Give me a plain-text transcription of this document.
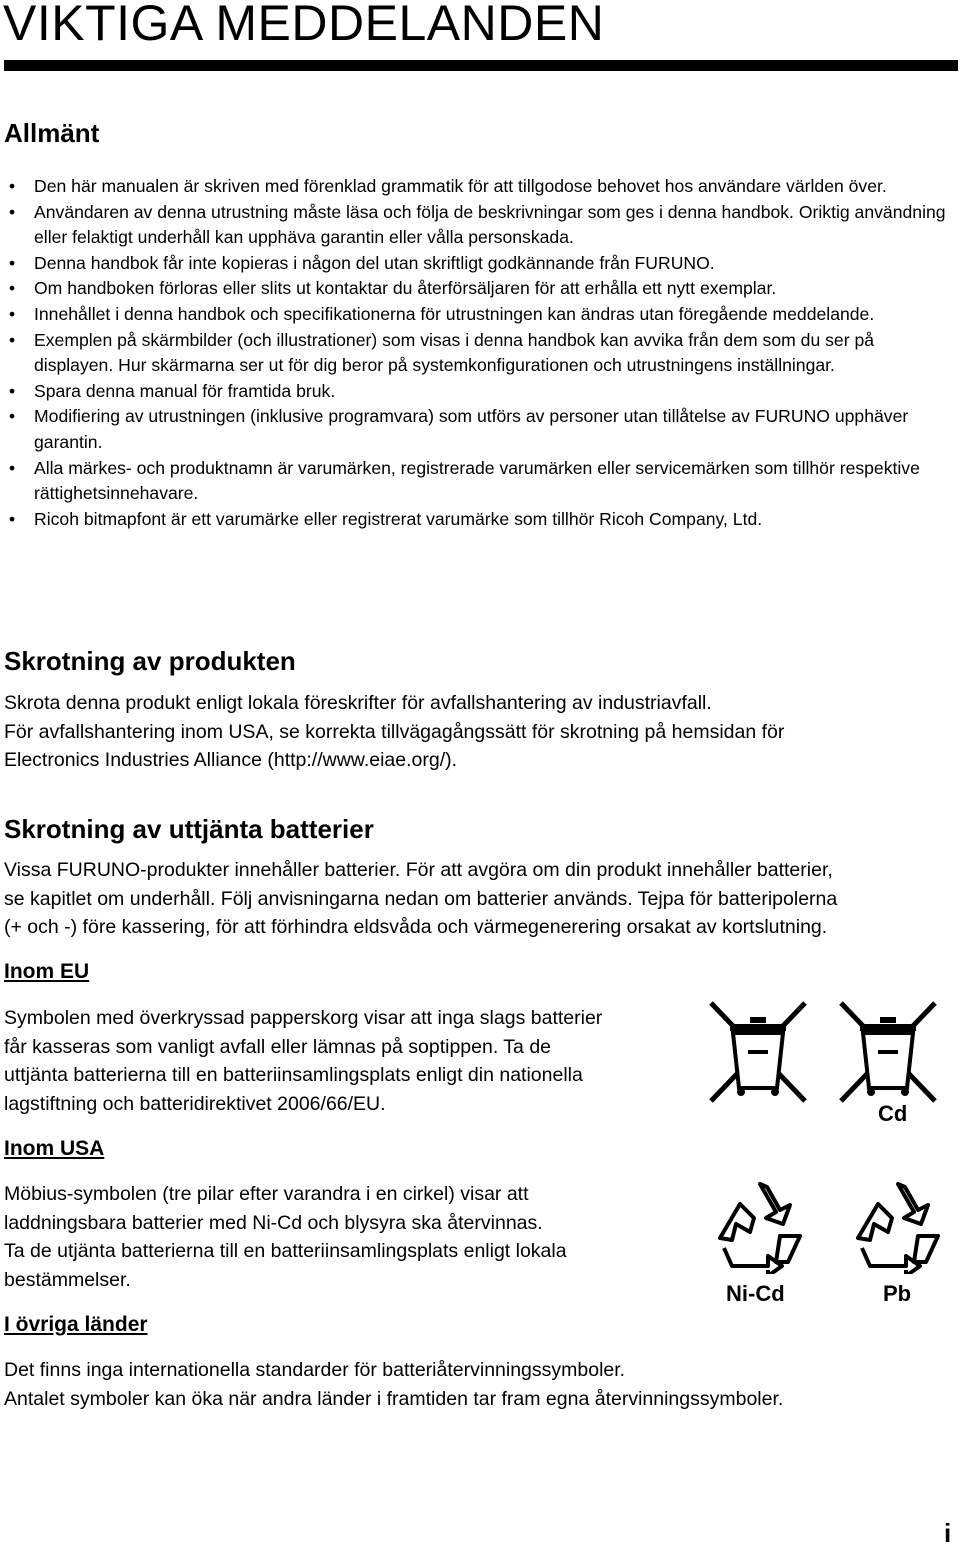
VIKTIGA MEDDELANDEN
Allmänt
• Den här manualen är skriven med förenklad grammatik för att tillgodose behovet hos användare världen över.
• Användaren av denna utrustning måste läsa och följa de beskrivningar som ges i denna handbok. Oriktig användning eller felaktigt underhåll kan upphäva garantin eller vålla personskada.
• Denna handbok får inte kopieras i någon del utan skriftligt godkännande från FURUNO.
• Om handboken förloras eller slits ut kontaktar du återförsäljaren för att erhålla ett nytt exemplar.
• Innehållet i denna handbok och specifikationerna för utrustningen kan ändras utan föregående meddelande.
• Exemplen på skärmbilder (och illustrationer) som visas i denna handbok kan avvika från dem som du ser på displayen. Hur skärmarna ser ut för dig beror på systemkonfigurationen och utrustningens inställningar.
• Spara denna manual för framtida bruk.
• Modifiering av utrustningen (inklusive programvara) som utförs av personer utan tillåtelse av FURUNO upphäver garantin.
• Alla märkes- och produktnamn är varumärken, registrerade varumärken eller servicemärken som tillhör respektive rättighetsinnehavare.
• Ricoh bitmapfont är ett varumärke eller registrerat varumärke som tillhör Ricoh Company, Ltd.
Skrotning av produkten

Skrota denna produkt enligt lokala föreskrifter för avfallshantering av industriavfall.
För avfallshantering inom USA, se korrekta tillvägagångssätt för skrotning på hemsidan för
Electronics Industries Alliance (http://www.eiae.org/).

Skrotning av uttjänta batterier

Vissa FURUNO-produkter innehåller batterier. För att avgöra om din produkt innehåller batterier,
se kapitlet om underhåll. Följ anvisningarna nedan om batterier används. Tejpa för batteripolerna
(+ och -) före kassering, för att förhindra eldsvåda och värmegenerering orsakat av kortslutning.

Inom EU

Symbolen med överkryssad papperskorg visar att inga slags batterier
får kasseras som vanligt avfall eller lämnas på soptippen. Ta de
uttjänta batterierna till en batteriinsamlingsplats enligt din nationella
lagstiftning och batteridirektivet 2006/66/EU.

Inom USA

Möbius-symbolen (tre pilar efter varandra i en cirkel) visar att
laddningsbara batterier med Ni-Cd och blysyra ska återvinnas.
Ta de utjänta batterierna till en batteriinsamlingsplats enligt lokala
bestämmelser.

I övriga länder

Det finns inga internationella standarder för batteriåtervinningssymboler.
Antalet symboler kan öka när andra länder i framtiden tar fram egna återvinningssymboler.

Cd
Ni-Cd	Pb
i
